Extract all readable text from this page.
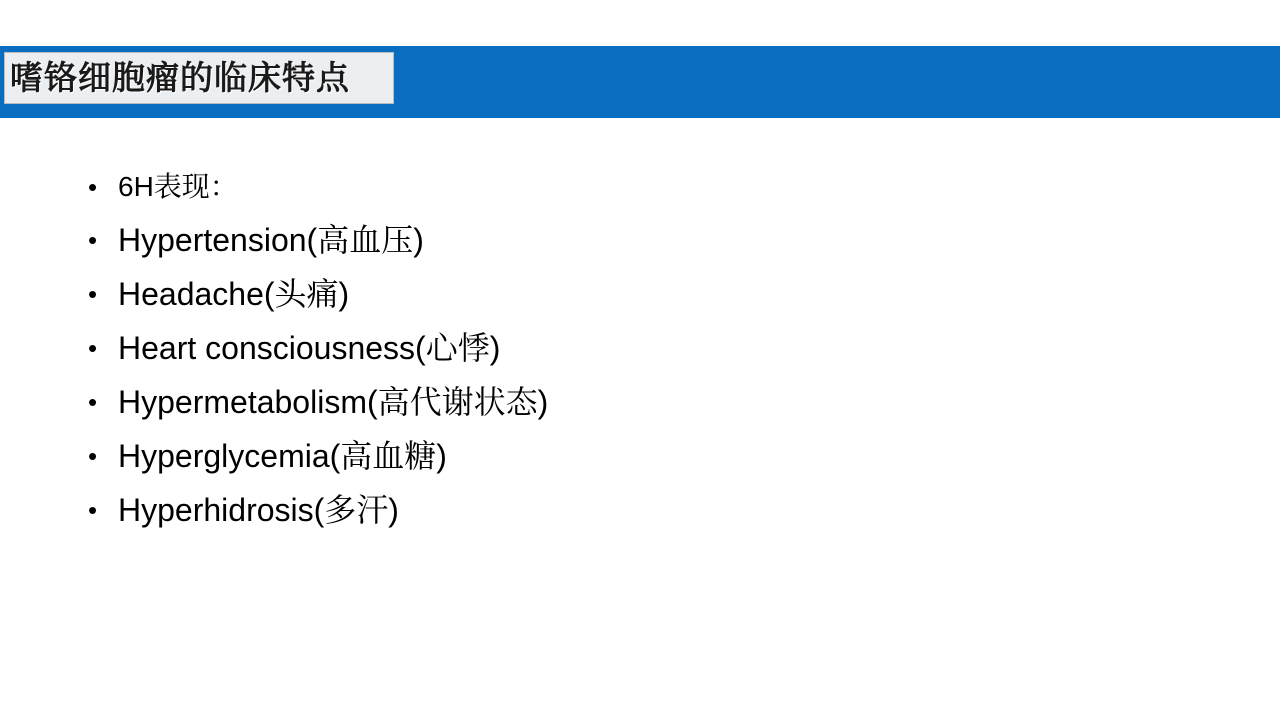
嗜铬细胞瘤的临床特点
• 6H表现：
• Hypertension(高血压)
• Headache(头痛)
• Heart consciousness(心悸)
• Hypermetabolism(高代谢状态)
• Hyperglycemia(高血糖)
• Hyperhidrosis(多汗)
